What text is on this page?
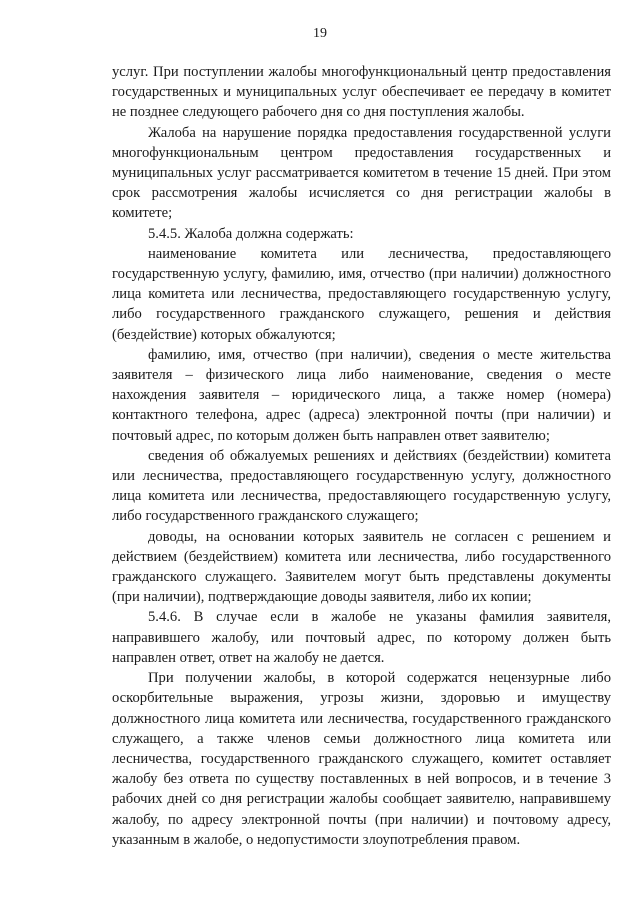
19

услуг. При поступлении жалобы многофункциональный центр предоставления государственных и муниципальных услуг обеспечивает ее передачу в комитет не позднее следующего рабочего дня со дня поступления жалобы.

Жалоба на нарушение порядка предоставления государственной услуги многофункциональным центром предоставления государственных и муниципальных услуг рассматривается комитетом в течение 15 дней. При этом срок рассмотрения жалобы исчисляется со дня регистрации жалобы в комитете;

5.4.5. Жалоба должна содержать:

наименование комитета или лесничества, предоставляющего государственную услугу, фамилию, имя, отчество (при наличии) должностного лица комитета или лесничества, предоставляющего государственную услугу, либо государственного гражданского служащего, решения и действия (бездействие) которых обжалуются;

фамилию, имя, отчество (при наличии), сведения о месте жительства заявителя – физического лица либо наименование, сведения о месте нахождения заявителя – юридического лица, а также номер (номера) контактного телефона, адрес (адреса) электронной почты (при наличии) и почтовый адрес, по которым должен быть направлен ответ заявителю;

сведения об обжалуемых решениях и действиях (бездействии) комитета или лесничества, предоставляющего государственную услугу, должностного лица комитета или лесничества, предоставляющего государственную услугу, либо государственного гражданского служащего;

доводы, на основании которых заявитель не согласен с решением и действием (бездействием) комитета или лесничества, либо государственного гражданского служащего. Заявителем могут быть представлены документы (при наличии), подтверждающие доводы заявителя, либо их копии;

5.4.6. В случае если в жалобе не указаны фамилия заявителя, направившего жалобу, или почтовый адрес, по которому должен быть направлен ответ, ответ на жалобу не дается.

При получении жалобы, в которой содержатся нецензурные либо оскорбительные выражения, угрозы жизни, здоровью и имуществу должностного лица комитета или лесничества, государственного гражданского служащего, а также членов семьи должностного лица комитета или лесничества, государственного гражданского служащего, комитет оставляет жалобу без ответа по существу поставленных в ней вопросов, и в течение 3 рабочих дней со дня регистрации жалобы сообщает заявителю, направившему жалобу, по адресу электронной почты (при наличии) и почтовому адресу, указанным в жалобе, о недопустимости злоупотребления правом.
